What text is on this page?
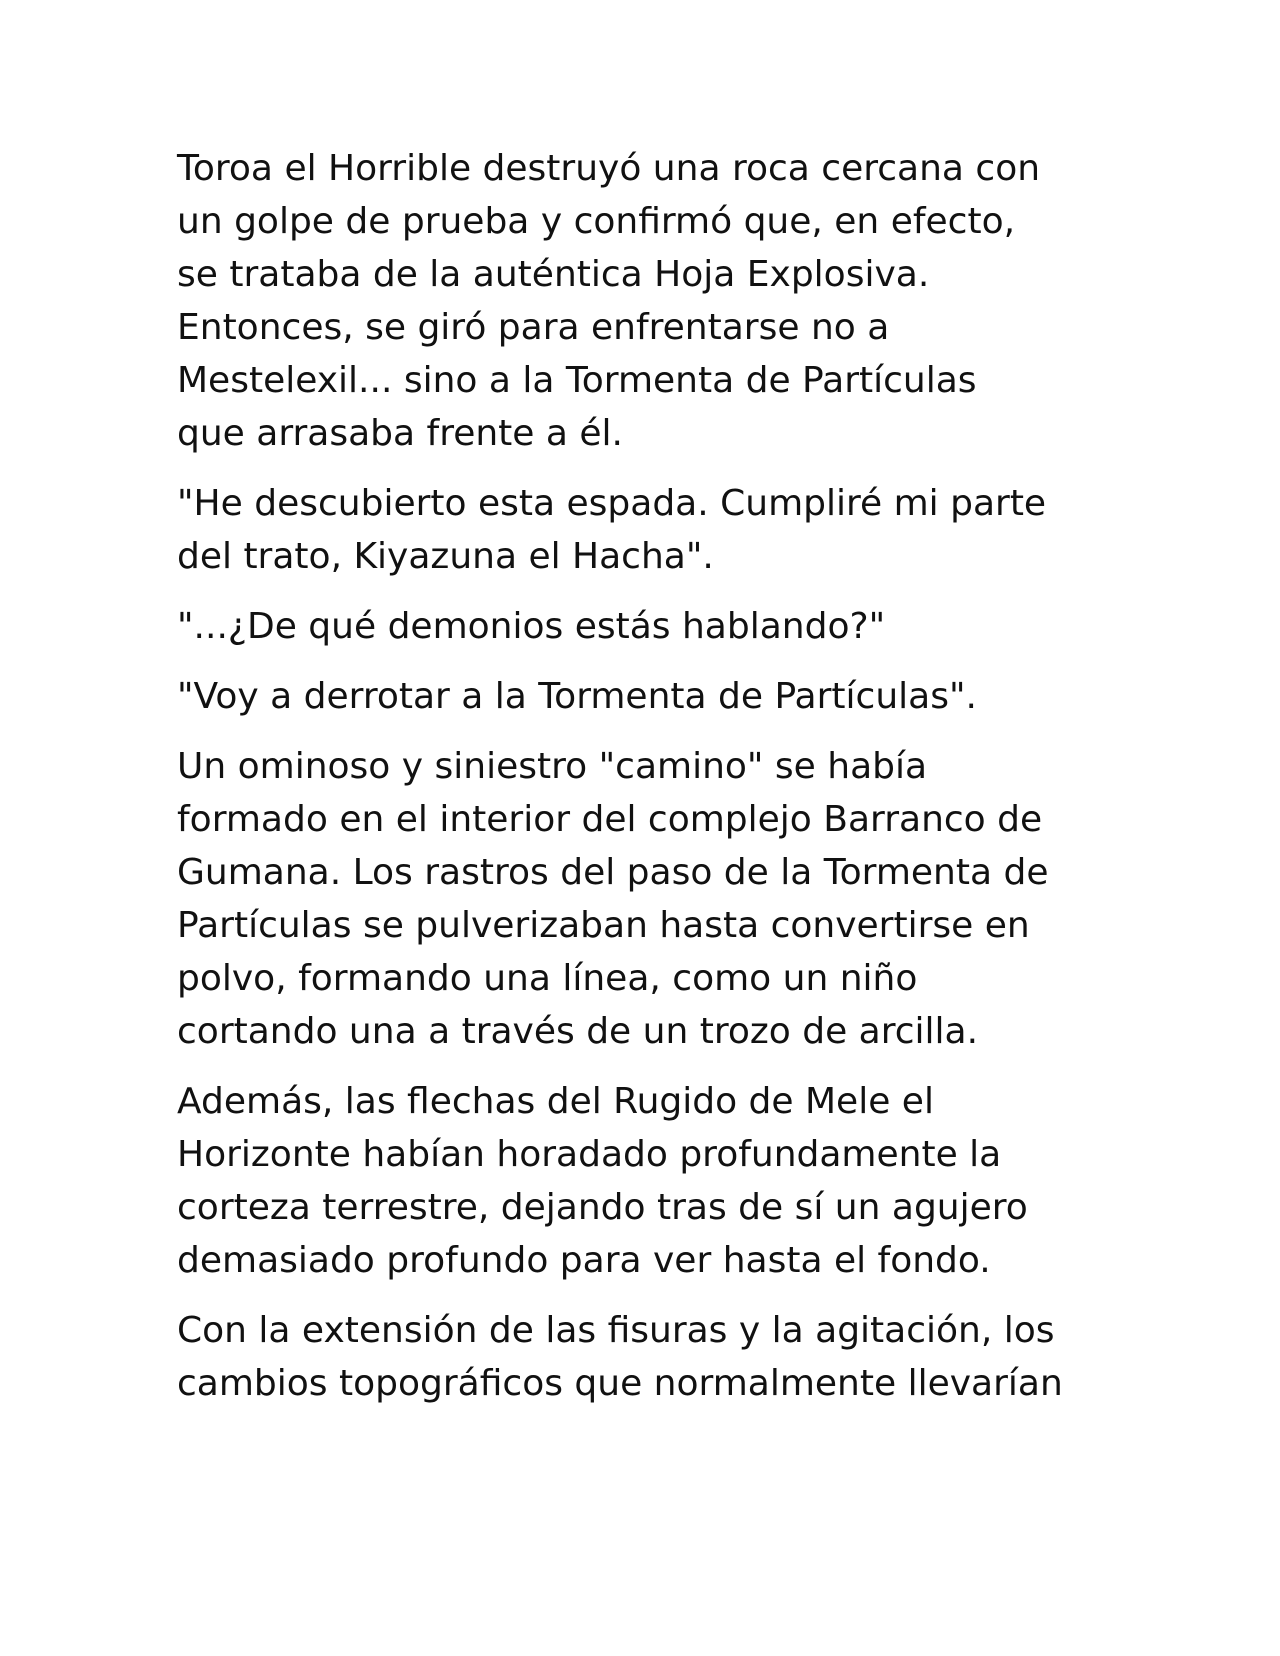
Toroa el Horrible destruyó una roca cercana con
un golpe de prueba y confirmó que, en efecto,
se trataba de la auténtica Hoja Explosiva.
Entonces, se giró para enfrentarse no a
Mestelexil... sino a la Tormenta de Partículas
que arrasaba frente a él.

"He descubierto esta espada. Cumpliré mi parte
del trato, Kiyazuna el Hacha".

"...¿De qué demonios estás hablando?"

"Voy a derrotar a la Tormenta de Partículas".

Un ominoso y siniestro "camino" se había
formado en el interior del complejo Barranco de
Gumana. Los rastros del paso de la Tormenta de
Partículas se pulverizaban hasta convertirse en
polvo, formando una línea, como un niño
cortando una a través de un trozo de arcilla.

Además, las flechas del Rugido de Mele el
Horizonte habían horadado profundamente la
corteza terrestre, dejando tras de sí un agujero
demasiado profundo para ver hasta el fondo.

Con la extensión de las fisuras y la agitación, los
cambios topográficos que normalmente llevarían
